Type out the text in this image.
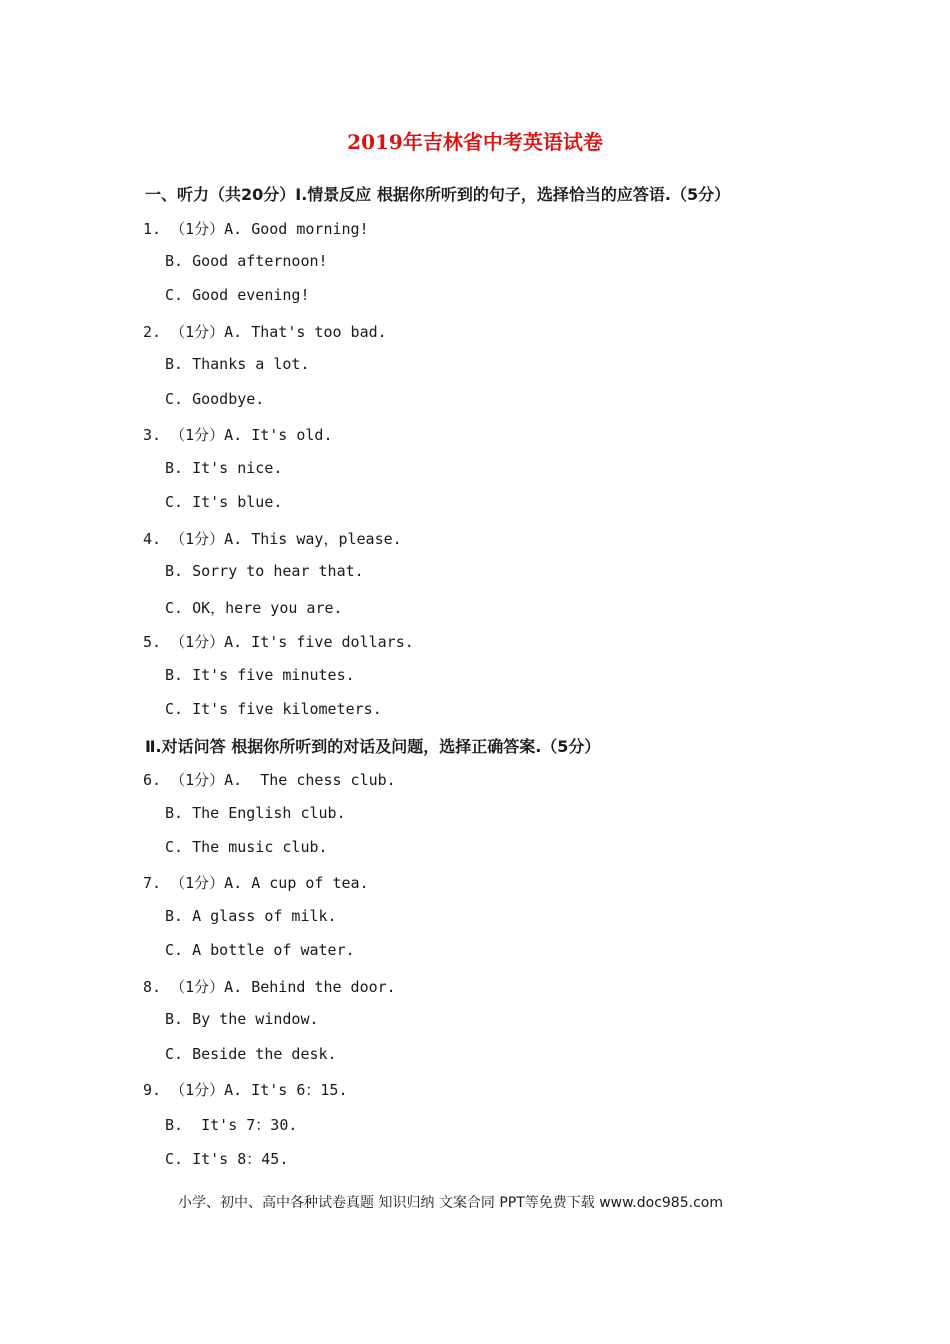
2019年吉林省中考英语试卷
一、听力（共20分）Ⅰ.情景反应 根据你所听到的句子，选择恰当的应答语.（5分）
1. （1分）A. Good morning!
B. Good afternoon!
C. Good evening!
2. （1分）A. That's too bad.
B. Thanks a lot.
C. Goodbye.
3. （1分）A. It's old.
B. It's nice.
C. It's blue.
4. （1分）A. This way，please.
B. Sorry to hear that.
C. OK，here you are.
5. （1分）A. It's five dollars.
B. It's five minutes.
C. It's five kilometers.
Ⅱ.对话问答 根据你所听到的对话及问题，选择正确答案.（5分）
6. （1分）A.  The chess club.
B. The English club.
C. The music club.
7. （1分）A. A cup of tea.
B. A glass of milk.
C. A bottle of water.
8. （1分）A. Behind the door.
B. By the window.
C. Beside the desk.
9. （1分）A. It's 6：15.
B.  It's 7：30.
C. It's 8：45.
小学、初中、高中各种试卷真题 知识归纳 文案合同 PPT等免费下载 www.doc985.com
